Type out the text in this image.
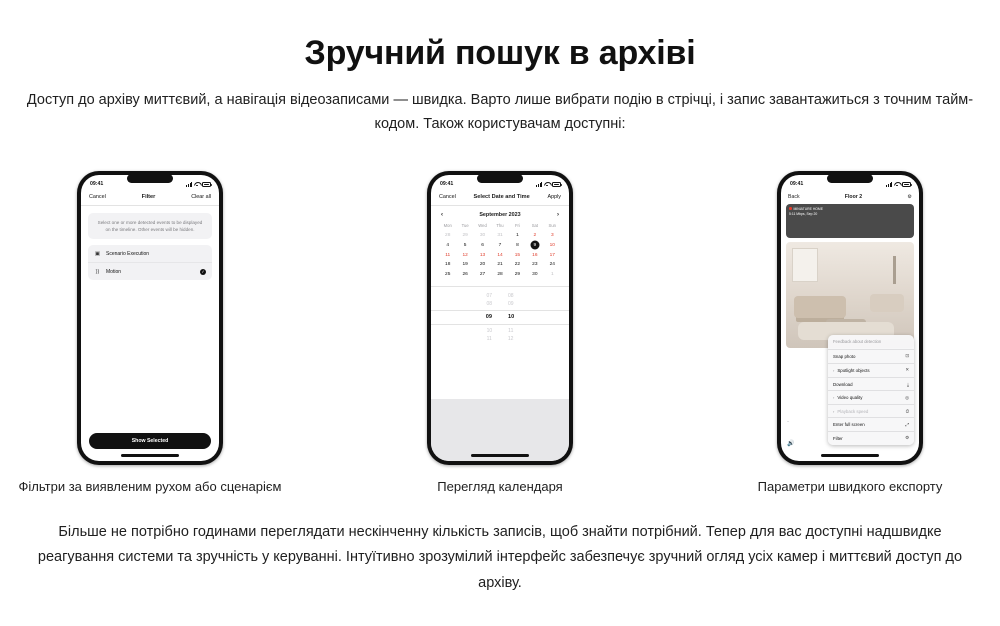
Зручний пошук в архіві

Доступ до архіву миттєвий, а навігація відеозаписами — швидка. Варто лише вибрати подію в стрічці, і запис завантажиться з точним тайм-кодом. Також користувачам доступні:

09:41
Cancel	Filter	Clear all
Select one or more detected events to be displayed on the timeline. Other events will be hidden.
▣ Scenario Execution
))	Motion
✓
Show Selected
Фільтри за виявленим рухом або сценарієм
09:41
Cancel	Select Date and Time	Apply
‹	September 2023	›
Mon	Tue	Wed	Thu	Fri	Sat	Sun
28	29	30	31	1	2	3
4	5	6	7	8	9	10
11	12	13	14	15	16	17
18	19	20	21	22	23	24
25	26	27	28	29	30	1
07	08
08	09
09	10
10	11
11	12
Перегляд календаря
09:41
Back	Floor 2	⚙
MINIATURE HOME
5:11 Mbps, Sep 20
Feedback about detection
Snap photo	⊡
› Spotlight objects	✕
Download	⤓
› Video quality	◎
› Playback speed	⏱
Enter full screen	⤢
Filter	⚙
−
🔊
Параметри швидкого експорту

Більше не потрібно годинами переглядати нескінченну кількість записів, щоб знайти потрібний. Тепер для вас доступні надшвидке реагування системи та зручність у керуванні. Інтуїтивно зрозумілий інтерфейс забезпечує зручний огляд усіх камер і миттєвий доступ до архіву.
